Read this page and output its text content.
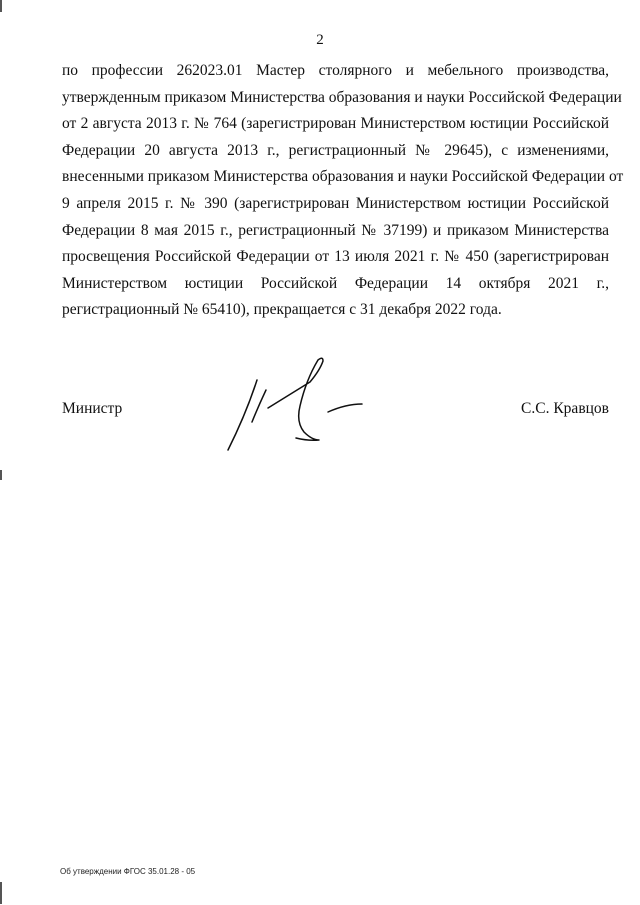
2
по профессии 262023.01 Мастер столярного и мебельного производства,
утвержденным приказом Министерства образования и науки Российской Федерации
от 2 августа 2013 г. № 764 (зарегистрирован Министерством юстиции Российской
Федерации 20 августа 2013 г., регистрационный № 29645), с изменениями,
внесенными приказом Министерства образования и науки Российской Федерации от
9 апреля 2015 г. № 390 (зарегистрирован Министерством юстиции Российской
Федерации 8 мая 2015 г., регистрационный № 37199) и приказом Министерства
просвещения Российской Федерации от 13 июля 2021 г. № 450 (зарегистрирован
Министерством юстиции Российской Федерации 14 октября 2021 г.,
регистрационный № 65410), прекращается с 31 декабря 2022 года.
Министр	С.С. Кравцов
Об утверждении ФГОС 35.01.28 - 05
